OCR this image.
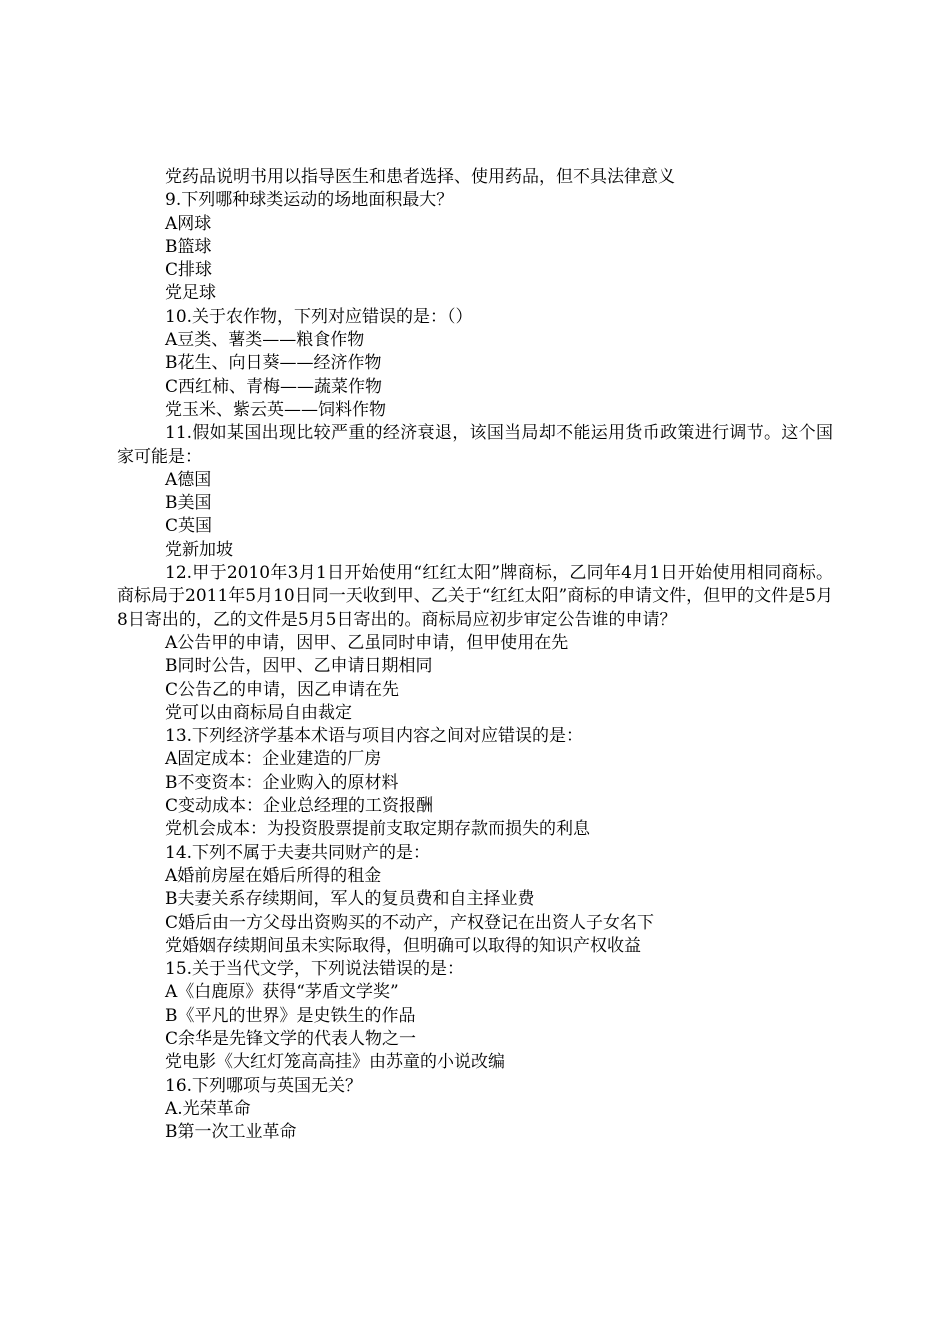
党药品说明书用以指导医生和患者选择、使用药品，但不具法律意义

9.下列哪种球类运动的场地面积最大？

A网球

B篮球

C排球

党足球

10.关于农作物，下列对应错误的是：（）

A豆类、薯类——粮食作物

B花生、向日葵——经济作物

C西红柿、青梅——蔬菜作物

党玉米、紫云英——饲料作物

11.假如某国出现比较严重的经济衰退，该国当局却不能运用货币政策进行调节。这个国家可能是：

A德国

B美国

C英国

党新加坡

12.甲于2010年3月1日开始使用“红红太阳”牌商标，乙同年4月1日开始使用相同商标。商标局于2011年5月10日同一天收到甲、乙关于“红红太阳”商标的申请文件，但甲的文件是5月8日寄出的，乙的文件是5月5日寄出的。商标局应初步审定公告谁的申请？

A公告甲的申请，因甲、乙虽同时申请，但甲使用在先

B同时公告，因甲、乙申请日期相同

C公告乙的申请，因乙申请在先

党可以由商标局自由裁定

13.下列经济学基本术语与项目内容之间对应错误的是：

A固定成本：企业建造的厂房

B不变资本：企业购入的原材料

C变动成本：企业总经理的工资报酬

党机会成本：为投资股票提前支取定期存款而损失的利息

14.下列不属于夫妻共同财产的是：

A婚前房屋在婚后所得的租金

B夫妻关系存续期间，军人的复员费和自主择业费

C婚后由一方父母出资购买的不动产，产权登记在出资人子女名下

党婚姻存续期间虽未实际取得，但明确可以取得的知识产权收益

15.关于当代文学，下列说法错误的是：

A《白鹿原》获得“茅盾文学奖”

B《平凡的世界》是史铁生的作品

C余华是先锋文学的代表人物之一

党电影《大红灯笼高高挂》由苏童的小说改编

16.下列哪项与英国无关？

A.光荣革命

B第一次工业革命
